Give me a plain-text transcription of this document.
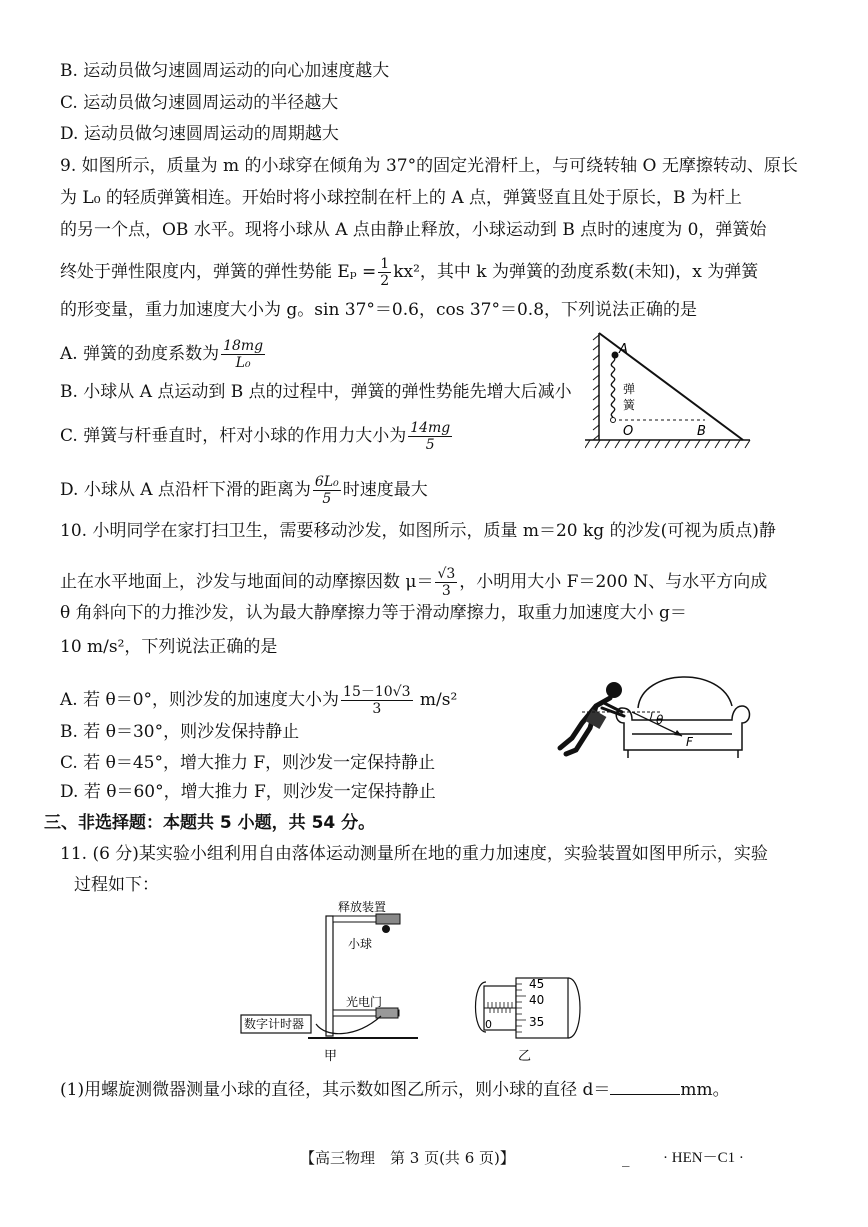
B. 运动员做匀速圆周运动的向心加速度越大
C. 运动员做匀速圆周运动的半径越大
D. 运动员做匀速圆周运动的周期越大
9. 如图所示，质量为 m 的小球穿在倾角为 37°的固定光滑杆上，与可绕转轴 O 无摩擦转动、原长
为 L₀ 的轻质弹簧相连。开始时将小球控制在杆上的 A 点，弹簧竖直且处于原长，B 为杆上
的另一个点，OB 水平。现将小球从 A 点由静止释放，小球运动到 B 点时的速度为 0，弹簧始
终处于弹性限度内，弹簧的弹性势能 $E_p = \frac{1}{2} kx^2$，其中 k 为弹簧的劲度系数(未知)，x 为弹簧
的形变量，重力加速度大小为 g。sin 37°＝0.6，cos 37°＝0.8，下列说法正确的是
A. 弹簧的劲度系数为 $\frac{18mg}{\text{L₀}}$
B. 小球从 A 点运动到 B 点的过程中，弹簧的弹性势能先增大后减小
C. 弹簧与杆垂直时，杆对小球的作用力大小为 $\frac{14mg}{5}$
D. 小球从 A 点沿杆下滑的距离为 $\frac{\text{6L₀}}{5}$ 时速度最大
A
O	B
弹
簧
10. 小明同学在家打扫卫生，需要移动沙发，如图所示，质量 m＝20 kg 的沙发(可视为质点)静
止在水平地面上，沙发与地面间的动摩擦因数 $\mu= \frac{√3}{3}$ ，小明用大小 F＝200 N、与水平方向成
θ 角斜向下的力推沙发，认为最大静摩擦力等于滑动摩擦力，取重力加速度大小 g＝
10 m/s²，下列说法正确的是
A. 若 θ＝0°，则沙发的加速度大小为 $\frac{15-10√3}{3} m/s^2$
B. 若 θ＝30°，则沙发保持静止
C. 若 θ＝45°，增大推力 F，则沙发一定保持静止
D. 若 θ＝60°，增大推力 F，则沙发一定保持静止
θ
F
三、非选择题：本题共 5 小题，共 54 分。
11. (6 分)某实验小组利用自由落体运动测量所在地的重力加速度，实验装置如图甲所示，实验
过程如下：
数字计时器
释放装置
小球
光电门
甲
45
40
35
0
乙
(1)用螺旋测微器测量小球的直径，其示数如图乙所示，则小球的直径 d＝	mm。
【高三物理　第 3 页(共 6 页)】	_ · HEN－C1 ·
